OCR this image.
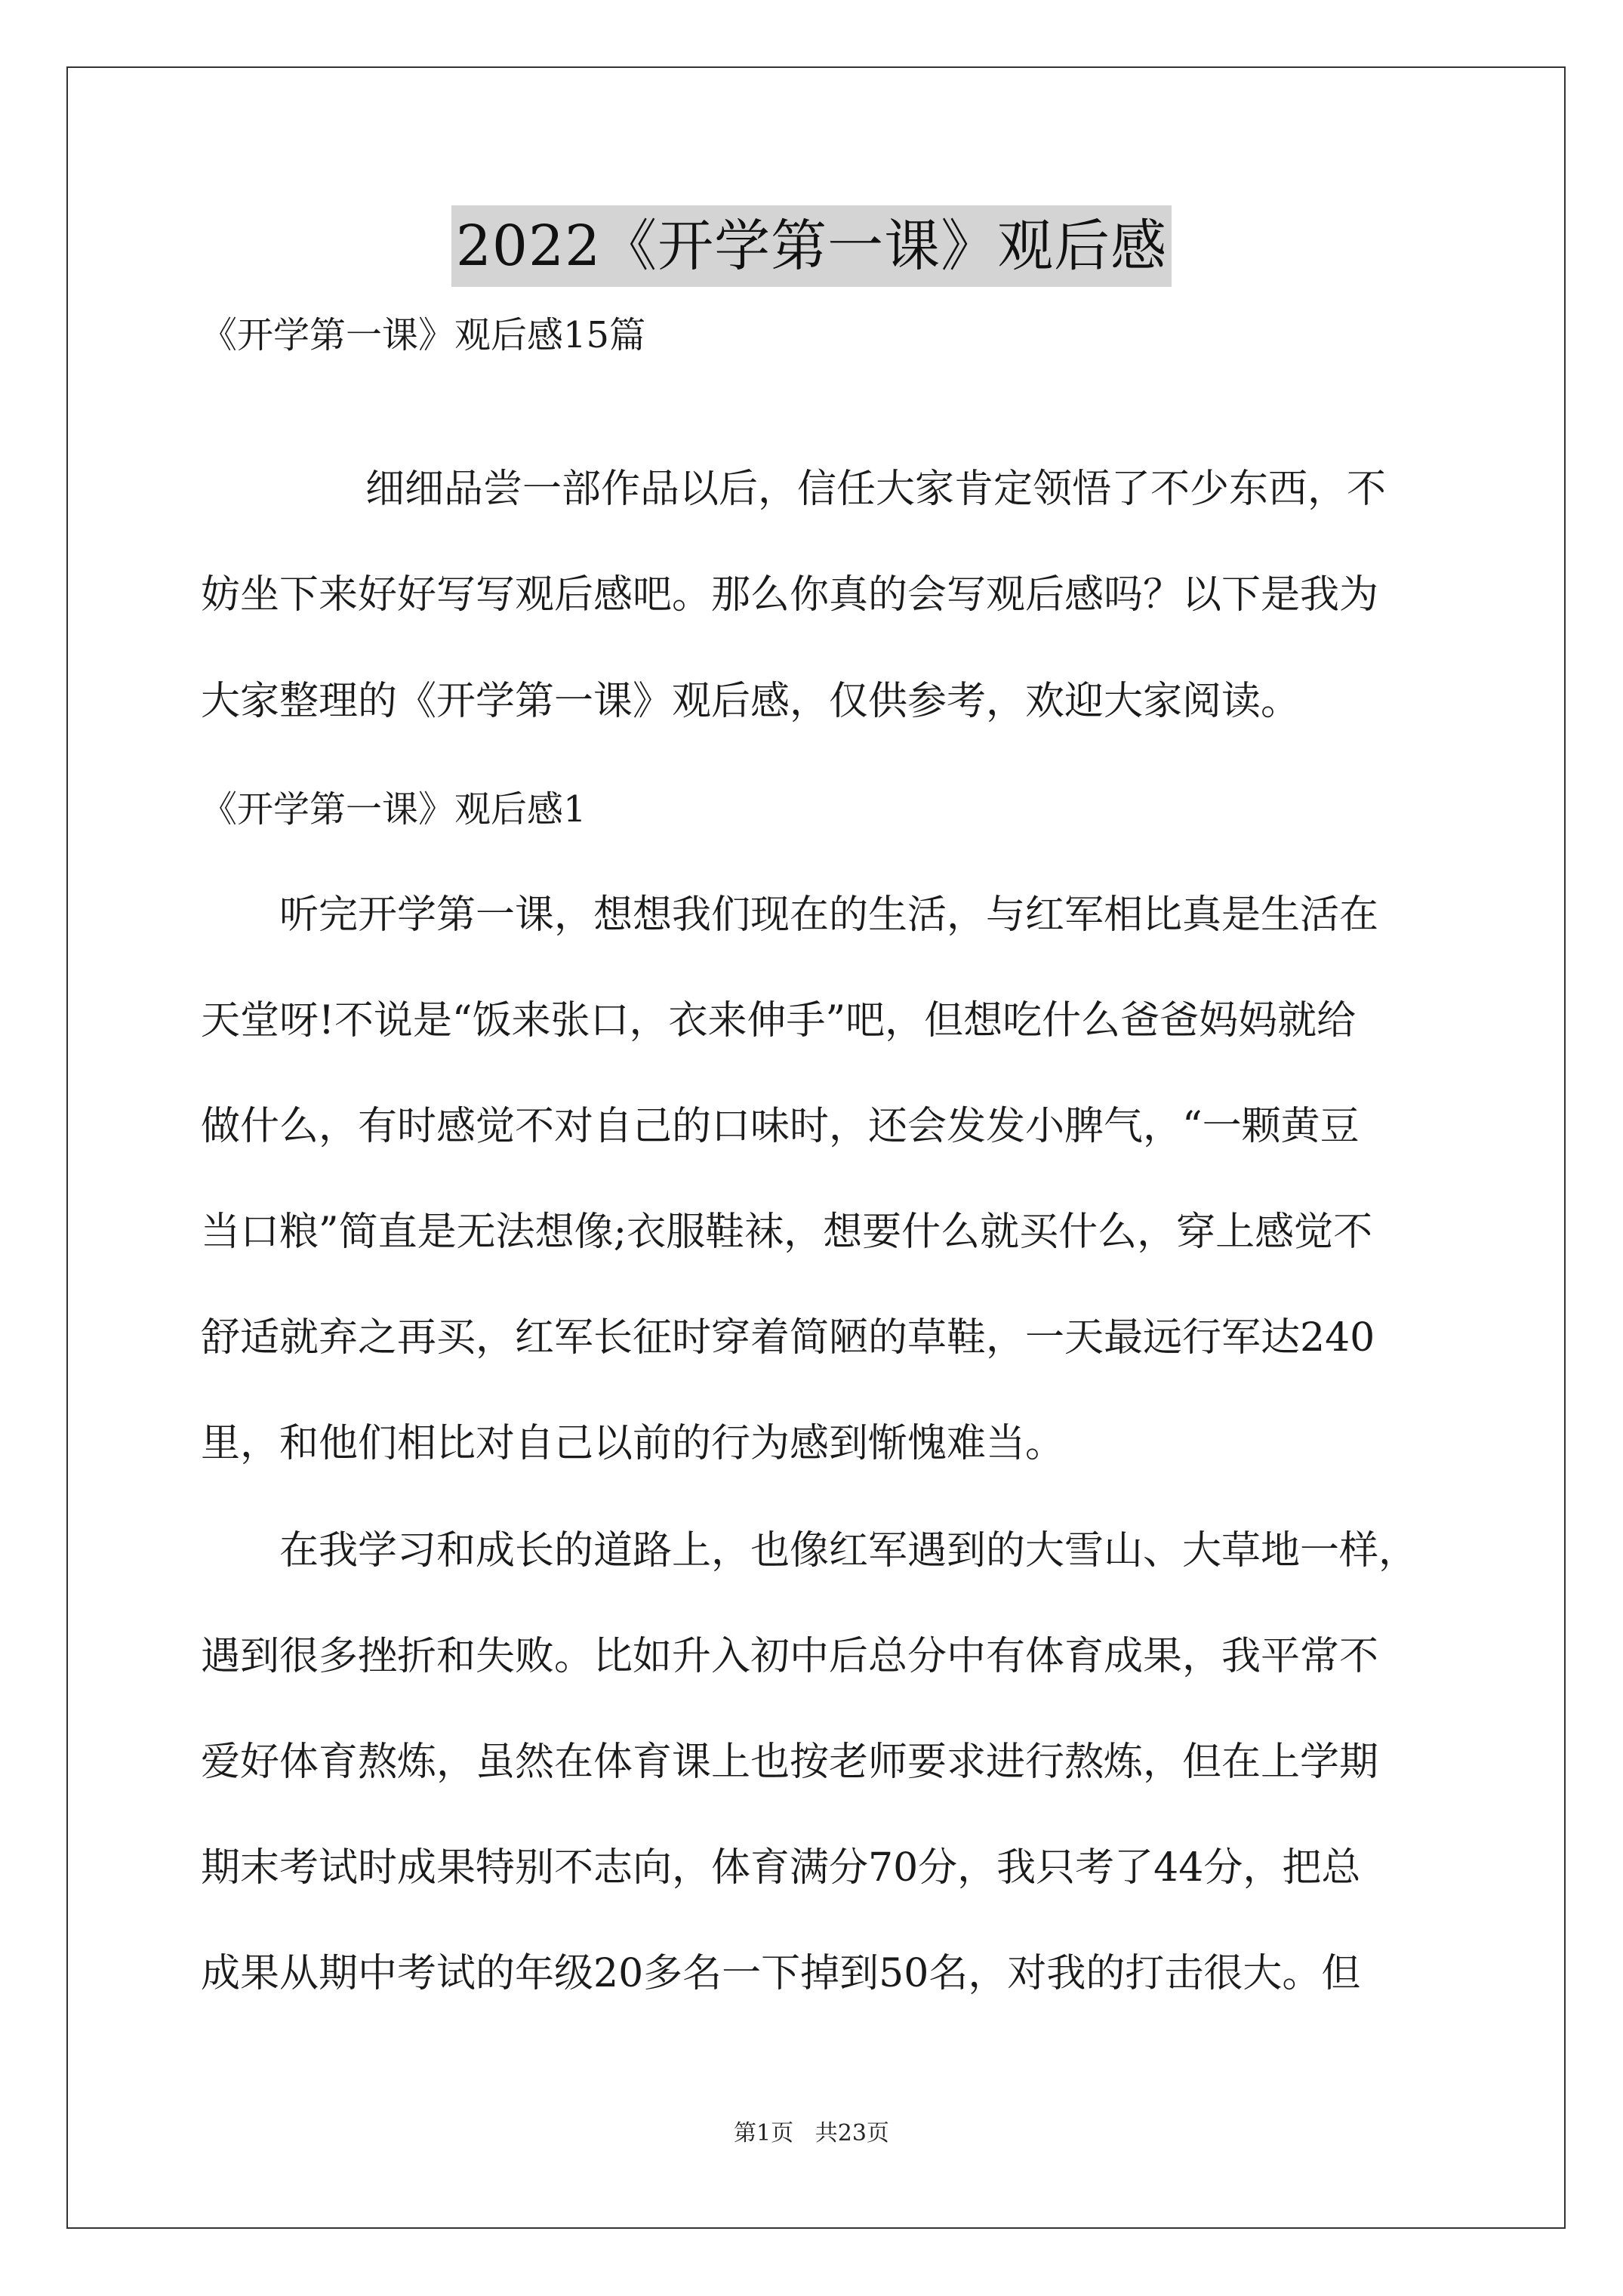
2022《开学第一课》观后感
《开学第一课》观后感15篇
细细品尝一部作品以后，信任大家肯定领悟了不少东西，不
妨坐下来好好写写观后感吧。那么你真的会写观后感吗？以下是我为
大家整理的《开学第一课》观后感，仅供参考，欢迎大家阅读。
《开学第一课》观后感1
听完开学第一课，想想我们现在的生活，与红军相比真是生活在
天堂呀!不说是“饭来张口，衣来伸手”吧，但想吃什么爸爸妈妈就给
做什么，有时感觉不对自己的口味时，还会发发小脾气，“一颗黄豆
当口粮”简直是无法想像;衣服鞋袜，想要什么就买什么，穿上感觉不
舒适就弃之再买，红军长征时穿着简陋的草鞋，一天最远行军达240
里，和他们相比对自己以前的行为感到惭愧难当。
在我学习和成长的道路上，也像红军遇到的大雪山、大草地一样，
遇到很多挫折和失败。比如升入初中后总分中有体育成果，我平常不
爱好体育熬炼，虽然在体育课上也按老师要求进行熬炼，但在上学期
期末考试时成果特别不志向，体育满分70分，我只考了44分，把总
成果从期中考试的年级20多名一下掉到50名，对我的打击很大。但
第1页 共23页
